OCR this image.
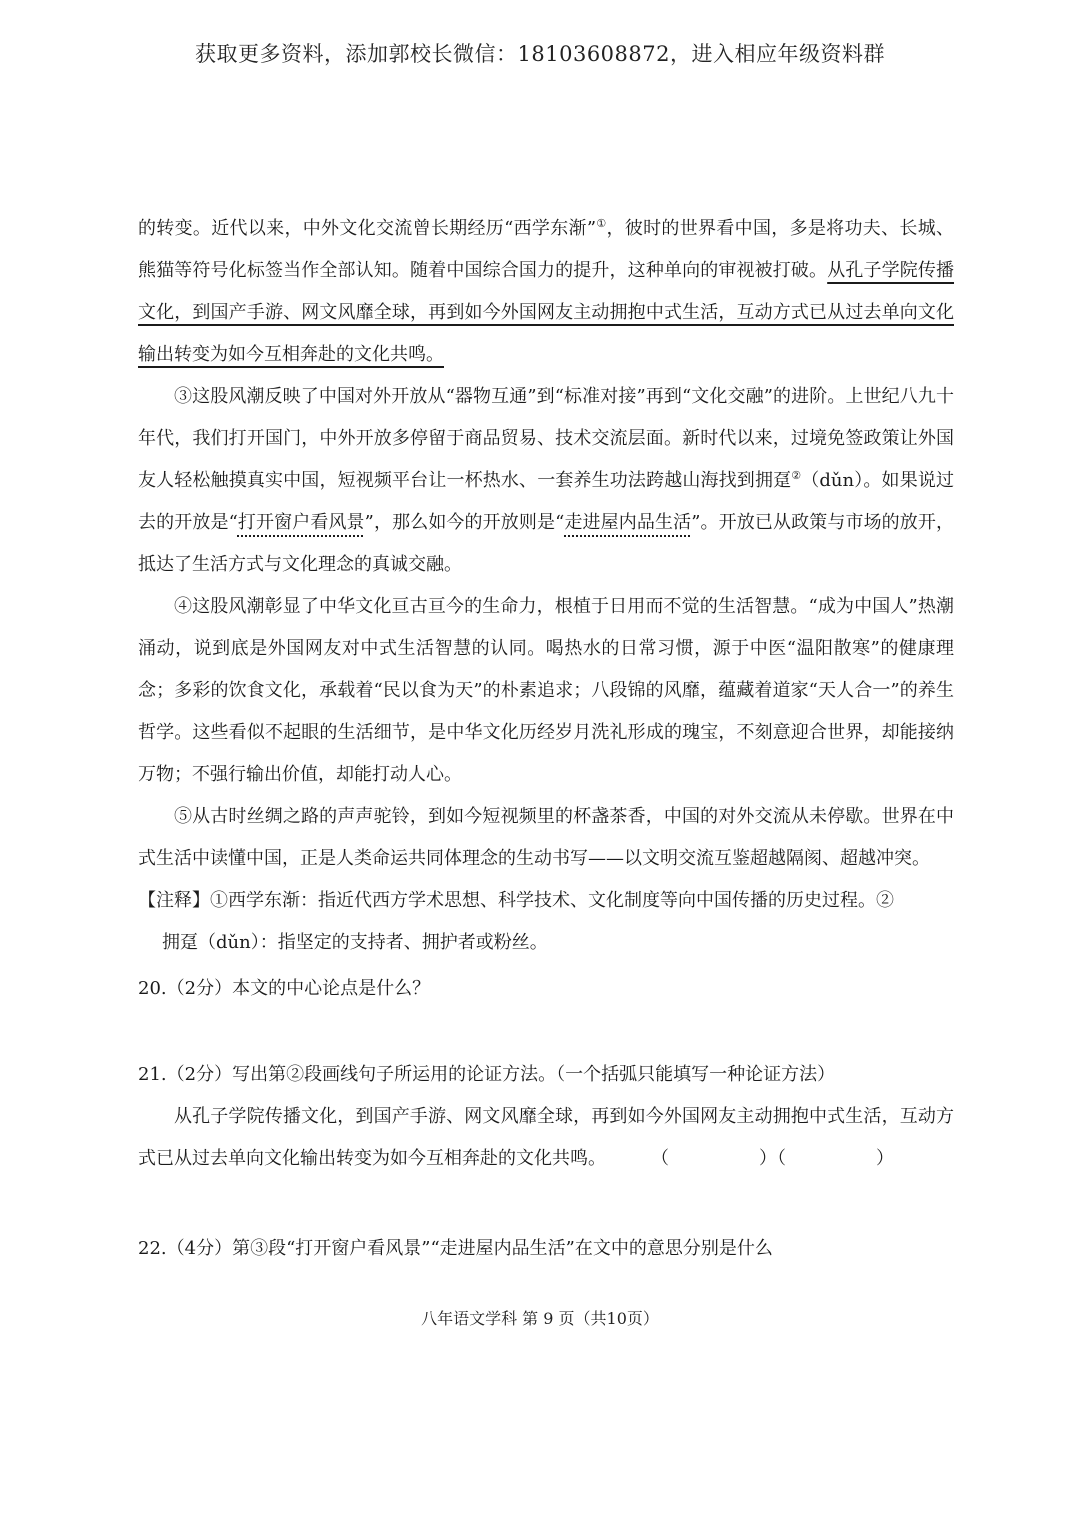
获取更多资料，添加郭校长微信：18103608872，进入相应年级资料群

的转变。近代以来，中外文化交流曾长期经历“西学东渐”①，彼时的世界看中国，多是将功夫、长城、熊猫等符号化标签当作全部认知。随着中国综合国力的提升，这种单向的审视被打破。从孔子学院传播文化，到国产手游、网文风靡全球，再到如今外国网友主动拥抱中式生活，互动方式已从过去单向文化输出转变为如今互相奔赴的文化共鸣。

③这股风潮反映了中国对外开放从“器物互通”到“标准对接”再到“文化交融”的进阶。上世纪八九十年代，我们打开国门，中外开放多停留于商品贸易、技术交流层面。新时代以来，过境免签政策让外国友人轻松触摸真实中国，短视频平台让一杯热水、一套养生功法跨越山海找到拥趸②（dǔn）。如果说过去的开放是“打开窗户看风景”，那么如今的开放则是“走进屋内品生活”。开放已从政策与市场的放开，抵达了生活方式与文化理念的真诚交融。

④这股风潮彰显了中华文化亘古亘今的生命力，根植于日用而不觉的生活智慧。“成为中国人”热潮涌动，说到底是外国网友对中式生活智慧的认同。喝热水的日常习惯，源于中医“温阳散寒”的健康理念；多彩的饮食文化，承载着“民以食为天”的朴素追求；八段锦的风靡，蕴藏着道家“天人合一”的养生哲学。这些看似不起眼的生活细节，是中华文化历经岁月洗礼形成的瑰宝，不刻意迎合世界，却能接纳万物；不强行输出价值，却能打动人心。

⑤从古时丝绸之路的声声驼铃，到如今短视频里的杯盏茶香，中国的对外交流从未停歇。世界在中式生活中读懂中国，正是人类命运共同体理念的生动书写——以文明交流互鉴超越隔阂、超越冲突。

【注释】①西学东渐：指近代西方学术思想、科学技术、文化制度等向中国传播的历史过程。②

拥趸（dǔn）：指坚定的支持者、拥护者或粉丝。

20.（2分）本文的中心论点是什么？

21.（2分）写出第②段画线句子所运用的论证方法。（一个括弧只能填写一种论证方法）

从孔子学院传播文化，到国产手游、网文风靡全球，再到如今外国网友主动拥抱中式生活，互动方式已从过去单向文化输出转变为如今互相奔赴的文化共鸣。　	（　　　　　）（　　　　　）

22.（4分）第③段“打开窗户看风景”“走进屋内品生活”在文中的意思分别是什么

八年语文学科 第 9 页（共10页）
